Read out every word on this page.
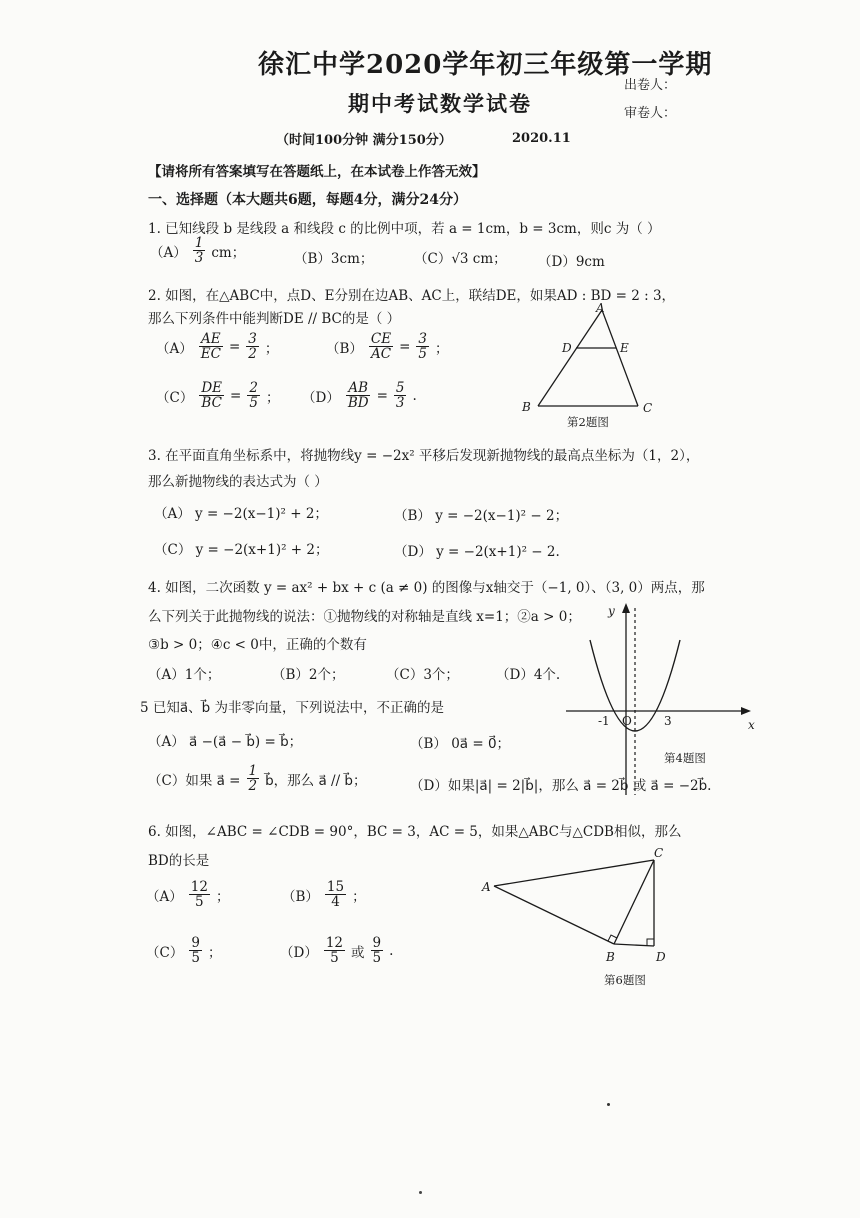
徐汇中学2020学年初三年级第一学期
期中考试数学试卷
出卷人：
审卷人：
（时间100分钟 满分150分）	2020.11
【请将所有答案填写在答题纸上，在本试卷上作答无效】
一、选择题（本大题共6题，每题4分，满分24分）
1. 已知线段 b 是线段 a 和线段 c 的比例中项，若 a = 1cm，b = 3cm，则c 为（ ）
$(A) \frac{1}{3}$ cm；	（B）3cm；	（C）√3 cm； （D）9cm
2. 如图，在△ABC中，点D、E分别在边AB、AC上，联结DE，如果AD : BD = 2 : 3，
那么下列条件中能判断DE // BC的是（ ）
$(A) \frac{AE}{EC} = \frac{3}{2}$ ；	$(B) \frac{CE}{AC} = \frac{3}{5}$ ；
$(C) \frac{DE}{BC} = \frac{2}{5}$ ； $(D) \frac{AB}{BD} = \frac{5}{3}$ .
A
D	E
B	C
第2题图
3. 在平面直角坐标系中，将抛物线y = −2x² 平移后发现新抛物线的最高点坐标为（1，2），
那么新抛物线的表达式为（ ）
（A） y = −2(x−1)² + 2；	（B） y = −2(x−1)² − 2；
（C） y = −2(x+1)² + 2；	（D） y = −2(x+1)² − 2.
4. 如图，二次函数 y = ax² + bx + c (a ≠ 0) 的图像与x轴交于（−1, 0）、（3, 0）两点，那
么下列关于此抛物线的说法：①抛物线的对称轴是直线 x=1；②a > 0；
③b > 0；④c < 0中，正确的个数有
（A）1个；	（B）2个；	（C）3个；	（D）4个.
y
x
-1 O	3
第4题图
5 已知a⃗、b⃗ 为非零向量，下列说法中，不正确的是
（A） a⃗ −(a⃗ − b⃗) = b⃗；	（B） 0a⃗ = 0⃗；
（C）如果 a⃗ = $\frac{1}{2}$ b⃗，那么 a⃗ // b⃗；	（D）如果|a⃗| = 2|b⃗|，那么 a⃗ = 2b⃗ 或 a⃗ = −2b⃗.
6. 如图，∠ABC = ∠CDB = 90°，BC = 3，AC = 5，如果△ABC与△CDB相似，那么
BD的长是
$(A) \frac{12}{5}$ ；	$(B) \frac{15}{4}$ ；
$(C) \frac{9}{5}$ ；	$(D) \frac{12}{5}$ 或 $\frac{9}{5}$ .
C
A
B	D
第6题图
